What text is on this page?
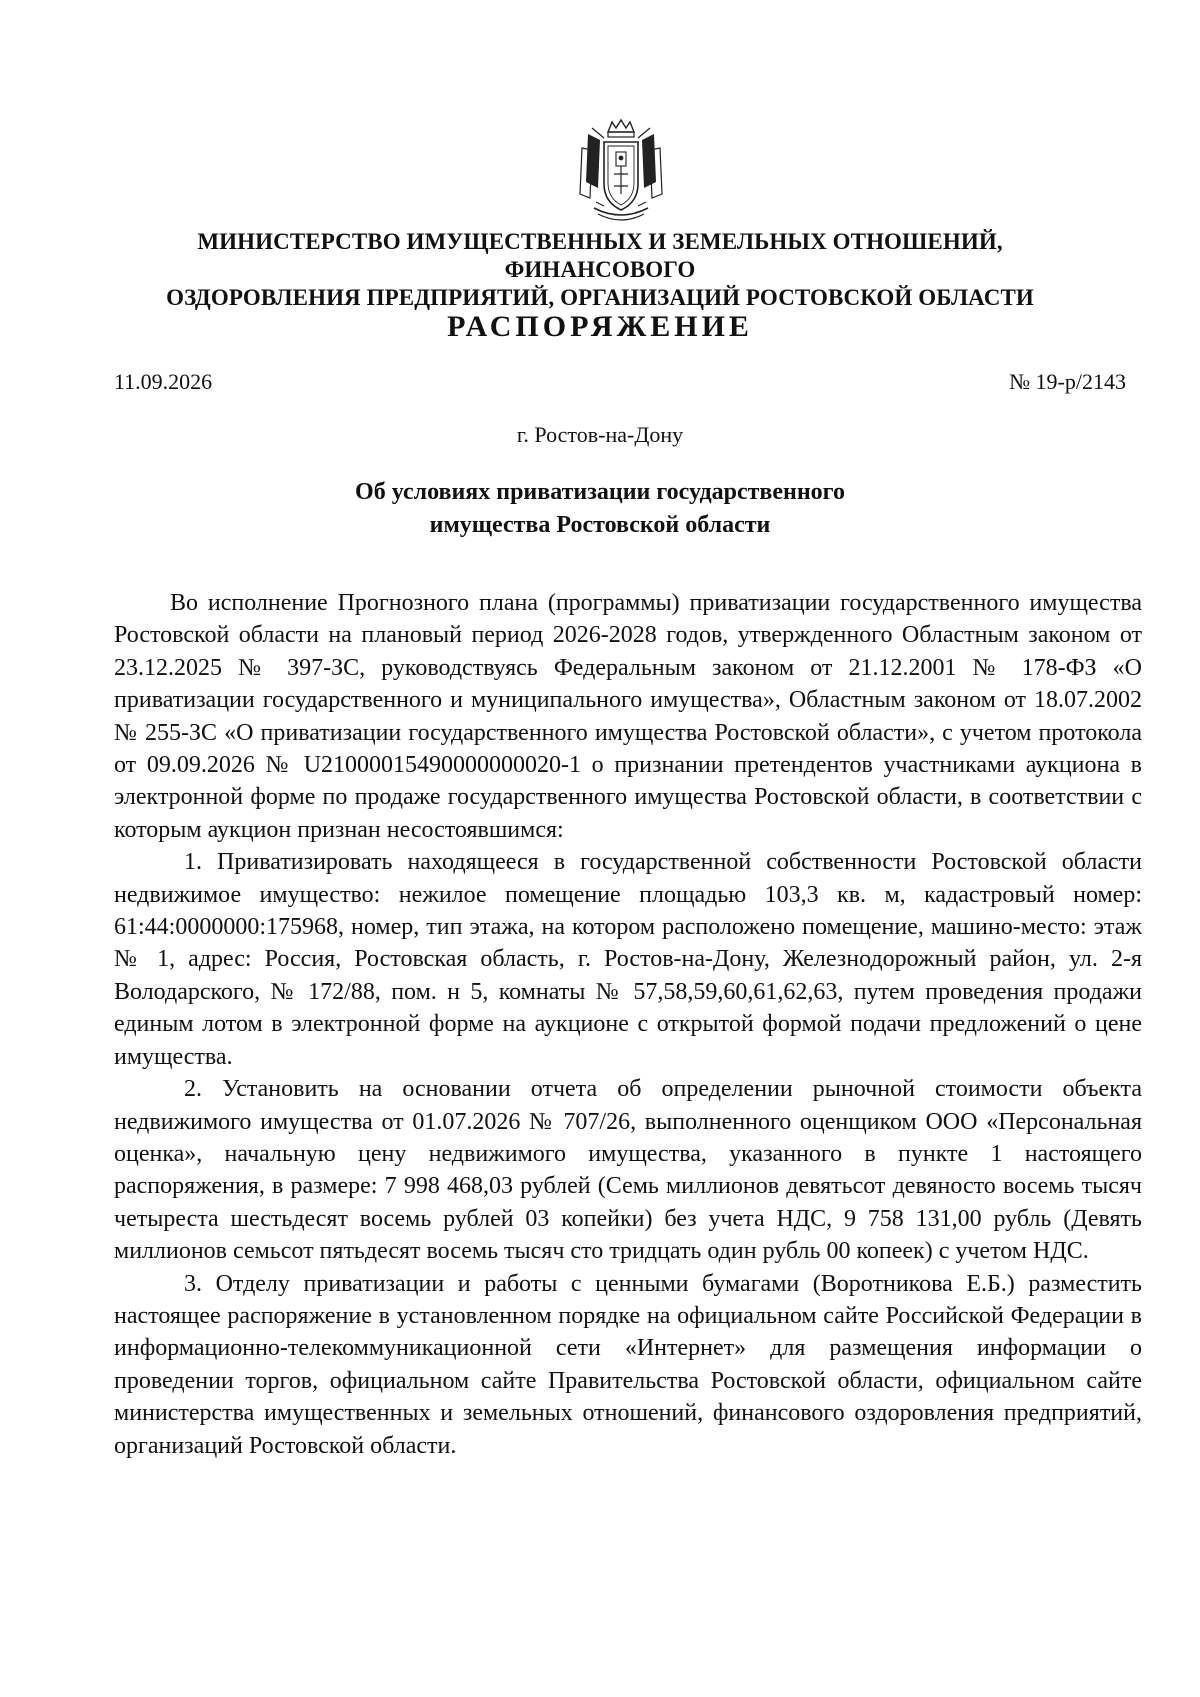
МИНИСТЕРСТВО ИМУЩЕСТВЕННЫХ И ЗЕМЕЛЬНЫХ ОТНОШЕНИЙ, ФИНАНСОВОГО
ОЗДОРОВЛЕНИЯ ПРЕДПРИЯТИЙ, ОРГАНИЗАЦИЙ РОСТОВСКОЙ ОБЛАСТИ
РАСПОРЯЖЕНИЕ
11.09.2026	№ 19-р/2143
г. Ростов-на-Дону
Об условиях приватизации государственного
имущества Ростовской области

Во исполнение Прогнозного плана (программы) приватизации государственного имущества Ростовской области на плановый период 2026-2028 годов, утвержденного Областным законом от 23.12.2025 № 397-ЗС, руководствуясь Федеральным законом от 21.12.2001 № 178-ФЗ «О приватизации государственного и муниципального имущества», Областным законом от 18.07.2002 № 255-ЗС «О приватизации государственного имущества Ростовской области», с учетом протокола от 09.09.2026 № U21000015490000000020-1 о признании претендентов участниками аукциона в электронной форме по продаже государственного имущества Ростовской области, в соответствии с которым аукцион признан несостоявшимся:

1. Приватизировать находящееся в государственной собственности Ростовской области недвижимое имущество: нежилое помещение площадью 103,3 кв. м, кадастровый номер: 61:44:0000000:175968, номер, тип этажа, на котором расположено помещение, машино-место: этаж № 1, адрес: Россия, Ростовская область, г. Ростов-на-Дону, Железнодорожный район, ул. 2-я Володарского, № 172/88, пом. н 5, комнаты № 57,58,59,60,61,62,63, путем проведения продажи единым лотом в электронной форме на аукционе с открытой формой подачи предложений о цене имущества.

2. Установить на основании отчета об определении рыночной стоимости объекта недвижимого имущества от 01.07.2026 № 707/26, выполненного оценщиком ООО «Персональная оценка», начальную цену недвижимого имущества, указанного в пункте 1 настоящего распоряжения, в размере: 7 998 468,03 рублей (Семь миллионов девятьсот девяносто восемь тысяч четыреста шестьдесят восемь рублей 03 копейки) без учета НДС, 9 758 131,00 рубль (Девять миллионов семьсот пятьдесят восемь тысяч сто тридцать один рубль 00 копеек) с учетом НДС.

3. Отделу приватизации и работы с ценными бумагами (Воротникова Е.Б.) разместить настоящее распоряжение в установленном порядке на официальном сайте Российской Федерации в информационно-телекоммуникационной сети «Интернет» для размещения информации о проведении торгов, официальном сайте Правительства Ростовской области, официальном сайте министерства имущественных и земельных отношений, финансового оздоровления предприятий, организаций Ростовской области.
